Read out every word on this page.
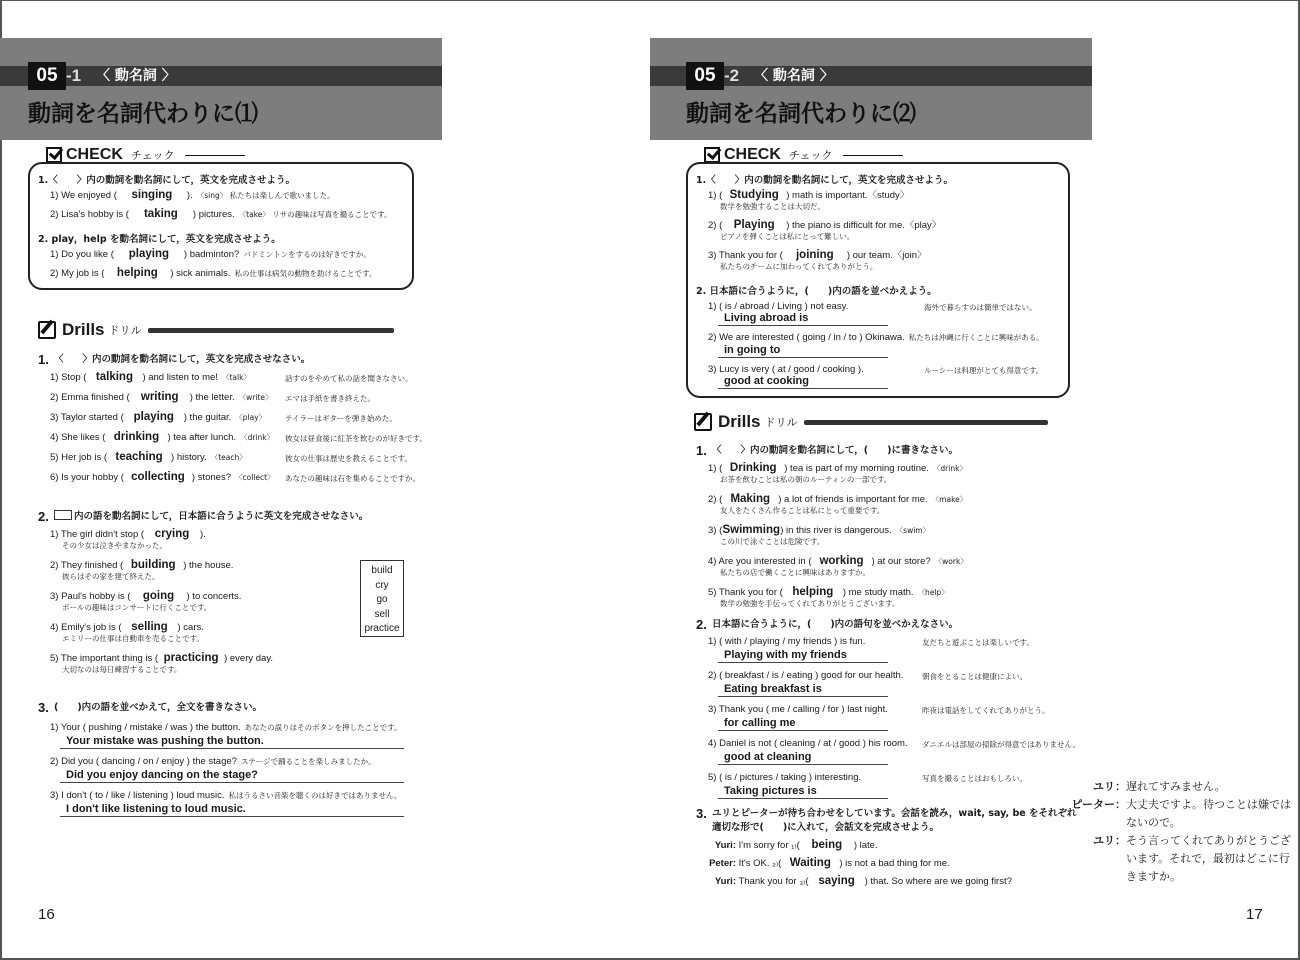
05 -1 〈 動名詞 〉
動詞を名詞代わりに⑴
CHECK チェック
1.〈　　〉内の動詞を動名詞にして，英文を完成させよう。
1) We enjoyed ( singing ). 〈sing〉 私たちは楽しんで歌いました。
2) Lisa's hobby is ( taking ) pictures. 〈take〉 リサの趣味は写真を撮ることです。
2. play，help を動名詞にして，英文を完成させよう。
1) Do you like ( playing ) badminton? バドミントンをするのは好きですか。
2) My job is ( helping ) sick animals. 私の仕事は病気の動物を助けることです。
Drills ドリル
1. 〈　　〉内の動詞を動名詞にして，英文を完成させなさい。
1) Stop ( talking ) and listen to me! 〈talk〉	話すのをやめて私の話を聞きなさい。
2) Emma finished ( writing ) the letter. 〈write〉 エマは手紙を書き終えた。
3) Taylor started ( playing ) the guitar. 〈play〉	テイラーはギターを弾き始めた。
4) She likes ( drinking ) tea after lunch. 〈drink〉 彼女は昼食後に紅茶を飲むのが好きです。
5) Her job is ( teaching ) history. 〈teach〉	彼女の仕事は歴史を教えることです。
6) Is your hobby ( collecting ) stones? 〈collect〉 あなたの趣味は石を集めることですか。
2.	内の語を動名詞にして，日本語に合うように英文を完成させなさい。
1) The girl didn't stop ( crying ).
その少女は泣きやまなかった。
2) They finished ( building ) the house.
彼らはその家を建て終えた。
3) Paul's hobby is ( going ) to concerts.
ポールの趣味はコンサートに行くことです。
4) Emily's job is ( selling ) cars.
エミリーの仕事は自動車を売ることです。
5) The important thing is ( practicing ) every day.
大切なのは毎日練習することです。
build
cry
go
sell
practice
3. (　　)内の語を並べかえて，全文を書きなさい。
1) Your ( pushing / mistake / was ) the button. あなたの誤りはそのボタンを押したことです。
Your mistake was pushing the button.
2) Did you ( dancing / on / enjoy ) the stage? ステージで踊ることを楽しみましたか。
Did you enjoy dancing on the stage?
3) I don't ( to / like / listening ) loud music. 私はうるさい音楽を聴くのは好きではありません。
I don't like listening to loud music.
16
05 -2 〈 動名詞 〉
動詞を名詞代わりに⑵
CHECK チェック
1.〈　　〉内の動詞を動名詞にして，英文を完成させよう。
1) ( Studying ) math is important.〈study〉
数学を勉強することは大切だ。
2) ( Playing ) the piano is difficult for me.〈play〉
ピアノを弾くことは私にとって難しい。
3) Thank you for ( joining ) our team.〈join〉
私たちのチームに加わってくれてありがとう。
2. 日本語に合うように，(　　)内の語を並べかえよう。
1) ( is / abroad / Living ) not easy.	海外で暮らすのは簡単ではない。
Living abroad is
2) We are interested ( going / in / to ) Okinawa. 私たちは沖縄に行くことに興味がある。
in going to
3) Lucy is very ( at / good / cooking ).	ルーシーは料理がとても得意です。
good at cooking
Drills ドリル
1. 〈　　〉内の動詞を動名詞にして，(　　)に書きなさい。
1) ( Drinking ) tea is part of my morning routine. 〈drink〉
お茶を飲むことは私の朝のルーティンの一部です。
2) ( Making ) a lot of friends is important for me. 〈make〉
友人をたくさん作ることは私にとって重要です。
3) (Swimming) in this river is dangerous. 〈swim〉
この川で泳ぐことは危険です。
4) Are you interested in ( working ) at our store? 〈work〉
私たちの店で働くことに興味はありますか。
5) Thank you for ( helping ) me study math. 〈help〉
数学の勉強を手伝ってくれてありがとうございます。
2. 日本語に合うように，(　　)内の語句を並べかえなさい。
1) ( with / playing / my friends ) is fun.	友だちと遊ぶことは楽しいです。
Playing with my friends
2) ( breakfast / is / eating ) good for our health. 朝食をとることは健康によい。
Eating breakfast is
3) Thank you ( me / calling / for ) last night.	昨夜は電話をしてくれてありがとう。
for calling me
4) Daniel is not ( cleaning / at / good ) his room. ダニエルは部屋の掃除が得意ではありません。
good at cleaning
5) ( is / pictures / taking ) interesting.	写真を撮ることはおもしろい。
Taking pictures is
3. ユリとピーターが待ち合わせをしています。会話を読み，wait, say, be をそれぞれ
適切な形で(　　)に入れて，会話文を完成させよう。
Yuri: I'm sorry for ₁₎( being ) late.
Peter: It's OK. ₂₎( Waiting ) is not a bad thing for me.
Yuri: Thank you for ₃₎( saying ) that. So where are we going first?
ユリ：遅れてすみません。
ピーター：大丈夫ですよ。待つことは嫌では
ないので。
ユリ：そう言ってくれてありがとうござ
います。それで，最初はどこに行
きますか。
17
